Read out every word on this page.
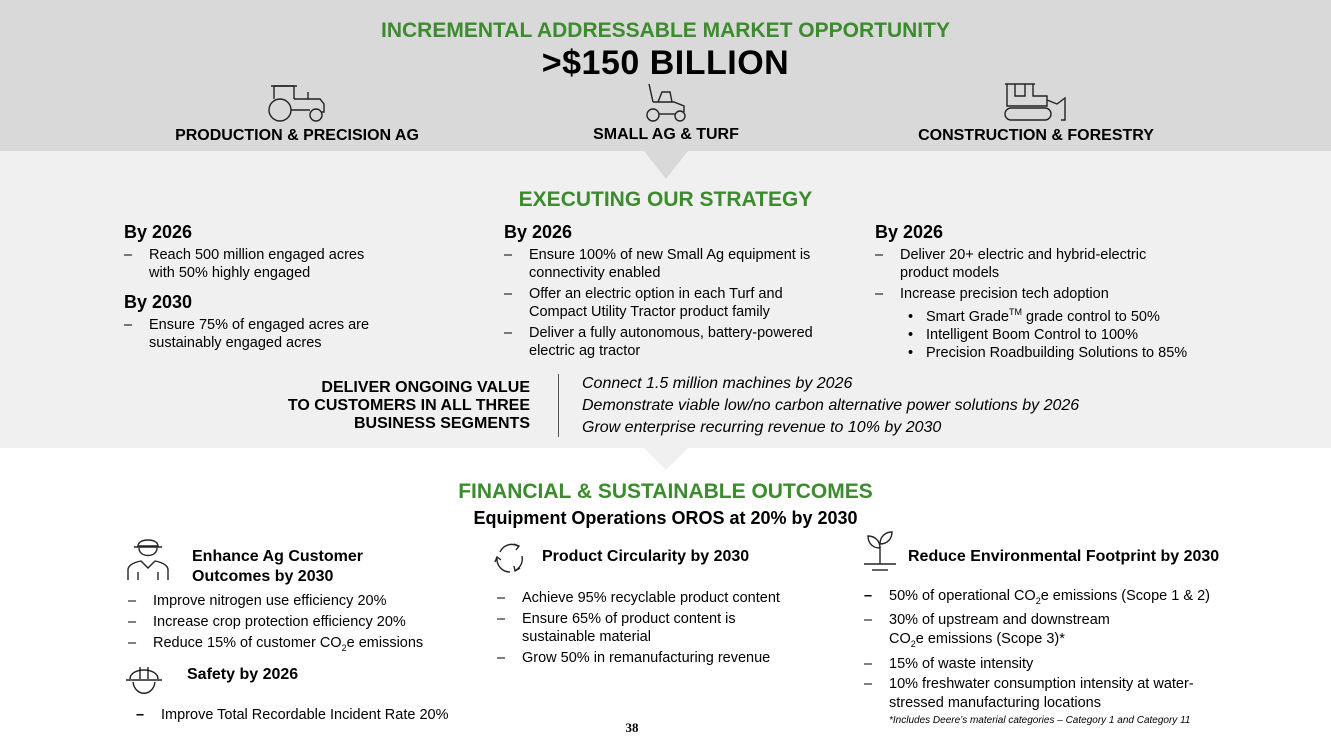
INCREMENTAL ADDRESSABLE MARKET OPPORTUNITY
>$150 BILLION
PRODUCTION & PRECISION AG	SMALL AG & TURF	CONSTRUCTION & FORESTRY
EXECUTING OUR STRATEGY
By 2026
– Reach 500 million engaged acres
with 50% highly engaged
By 2030
– Ensure 75% of engaged acres are
sustainably engaged acres
By 2026
– Ensure 100% of new Small Ag equipment is
connectivity enabled
– Offer an electric option in each Turf and
Compact Utility Tractor product family
– Deliver a fully autonomous, battery-powered
electric ag tractor
By 2026
– Deliver 20+ electric and hybrid-electric
product models
– Increase precision tech adoption
• Smart Grade™ grade control to 50%
• Intelligent Boom Control to 100%
• Precision Roadbuilding Solutions to 85%
DELIVER ONGOING VALUE
TO CUSTOMERS IN ALL THREE
BUSINESS SEGMENTS
Connect 1.5 million machines by 2026
Demonstrate viable low/no carbon alternative power solutions by 2026
Grow enterprise recurring revenue to 10% by 2030
FINANCIAL & SUSTAINABLE OUTCOMES
Equipment Operations OROS at 20% by 2030
Enhance Ag Customer
Outcomes by 2030
– Improve nitrogen use efficiency 20%
– Increase crop protection efficiency 20%
– Reduce 15% of customer $CO_2e$ emissions
Safety by 2026
– Improve Total Recordable Incident Rate 20%
Product Circularity by 2030
– Achieve 95% recyclable product content
– Ensure 65% of product content is
sustainable material
– Grow 50% in remanufacturing revenue
Reduce Environmental Footprint by 2030
– 50% of operational $CO_2e$ emissions (Scope 1 & 2)
– 30% of upstream and downstream
$CO_2e$ emissions (Scope 3)*
– 15% of waste intensity
– 10% freshwater consumption intensity at water-
stressed manufacturing locations
*Includes Deere’s material categories – Category 1 and Category 11
38
